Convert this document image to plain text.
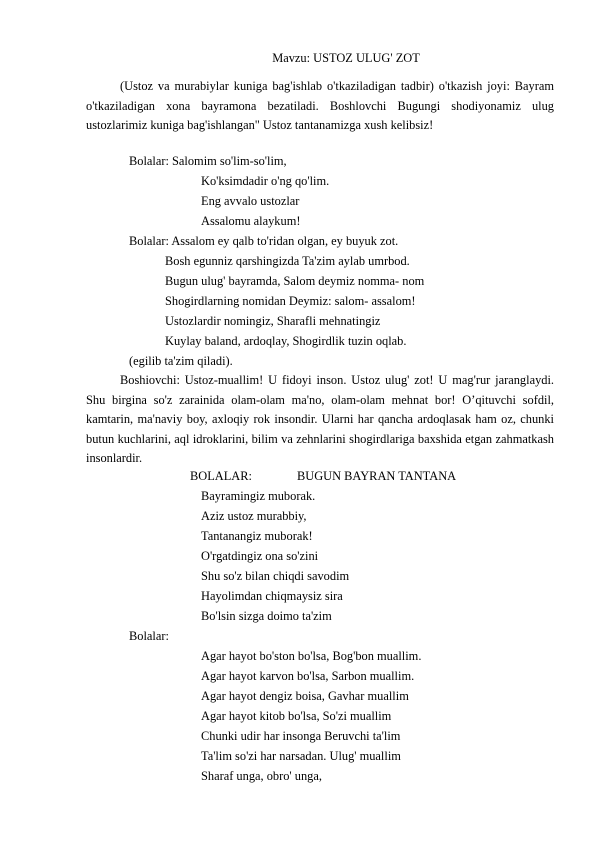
Mavzu: USTOZ ULUG' ZOT
(Ustoz va murabiylar kuniga bag'ishlab o'tkaziladigan tadbir) o'tkazish joyi: Bayram o'tkaziladigan xona bayramona bezatiladi. Boshlovchi Bugungi shodiyonamiz ulug ustozlarimiz kuniga bag'ishlangan" Ustoz tantanamizga xush kelibsiz!
Bolalar: Salomim so'lim-so'lim,
Ko'ksimdadir o'ng qo'lim.
Eng avvalo ustozlar
Assalomu alaykum!
Bolalar: Assalom ey qalb to'ridan olgan, ey buyuk zot.
Bosh egunniz qarshingizda Ta'zim aylab umrbod.
Bugun ulug' bayramda, Salom deymiz nomma- nom
Shogirdlarning nomidan Deymiz: salom- assalom!
Ustozlardir nomingiz, Sharafli mehnatingiz
Kuylay baland, ardoqlay, Shogirdlik tuzin oqlab.
(egilib ta'zim qiladi).
Boshiovchi: Ustoz-muallim! U fidoyi inson. Ustoz ulug' zot! U mag'rur jaranglaydi. Shu birgina so'z zarainida olam-olam ma'no, olam-olam mehnat bor! O’qituvchi sofdil, kamtarin, ma'naviy boy, axloqiy rok insondir. Ularni har qancha ardoqlasak ham oz, chunki butun kuchlarini, aql idroklarini, bilim va zehnlarini shogirdlariga baxshida etgan zahmatkash insonlardir.
BOLALAR:	BUGUN BAYRAN TANTANA
Bayramingiz muborak.
Aziz ustoz murabbiy,
Tantanangiz muborak!
O'rgatdingiz ona so'zini
Shu so'z bilan chiqdi savodim
Hayolimdan chiqmaysiz sira
Bo'lsin sizga doimo ta'zim
Bolalar:
Agar hayot bo'ston bo'lsa, Bog'bon muallim.
Agar hayot karvon bo'lsa, Sarbon muallim.
Agar hayot dengiz boisa, Gavhar muallim
Agar hayot kitob bo'lsa, So'zi muallim
Chunki udir har insonga Beruvchi ta'lim
Ta'lim so'zi har narsadan. Ulug' muallim
Sharaf unga, obro' unga,
